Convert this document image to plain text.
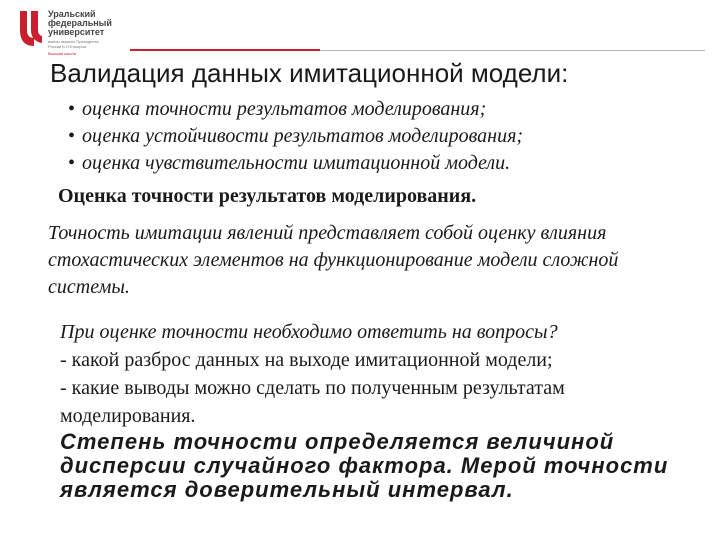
Уральский
федеральный
университет
имени первого Президента
России Б.Н.Ельцина
Высшая школа
Валидация данных имитационной модели:
• оценка точности результатов моделирования;
• оценка устойчивости результатов моделирования;
• оценка чувствительности имитационной модели.
Оценка точности результатов моделирования.
Точность имитации явлений представляет собой оценку влияния стохастических элементов на функционирование модели сложной системы.
При оценке точности необходимо ответить на вопросы?
- какой разброс данных на выходе имитационной модели;
- какие выводы можно сделать по полученным результатам моделирования.
Степень точности определяется величиной дисперсии случайного фактора. Мерой точности является доверительный интервал.
